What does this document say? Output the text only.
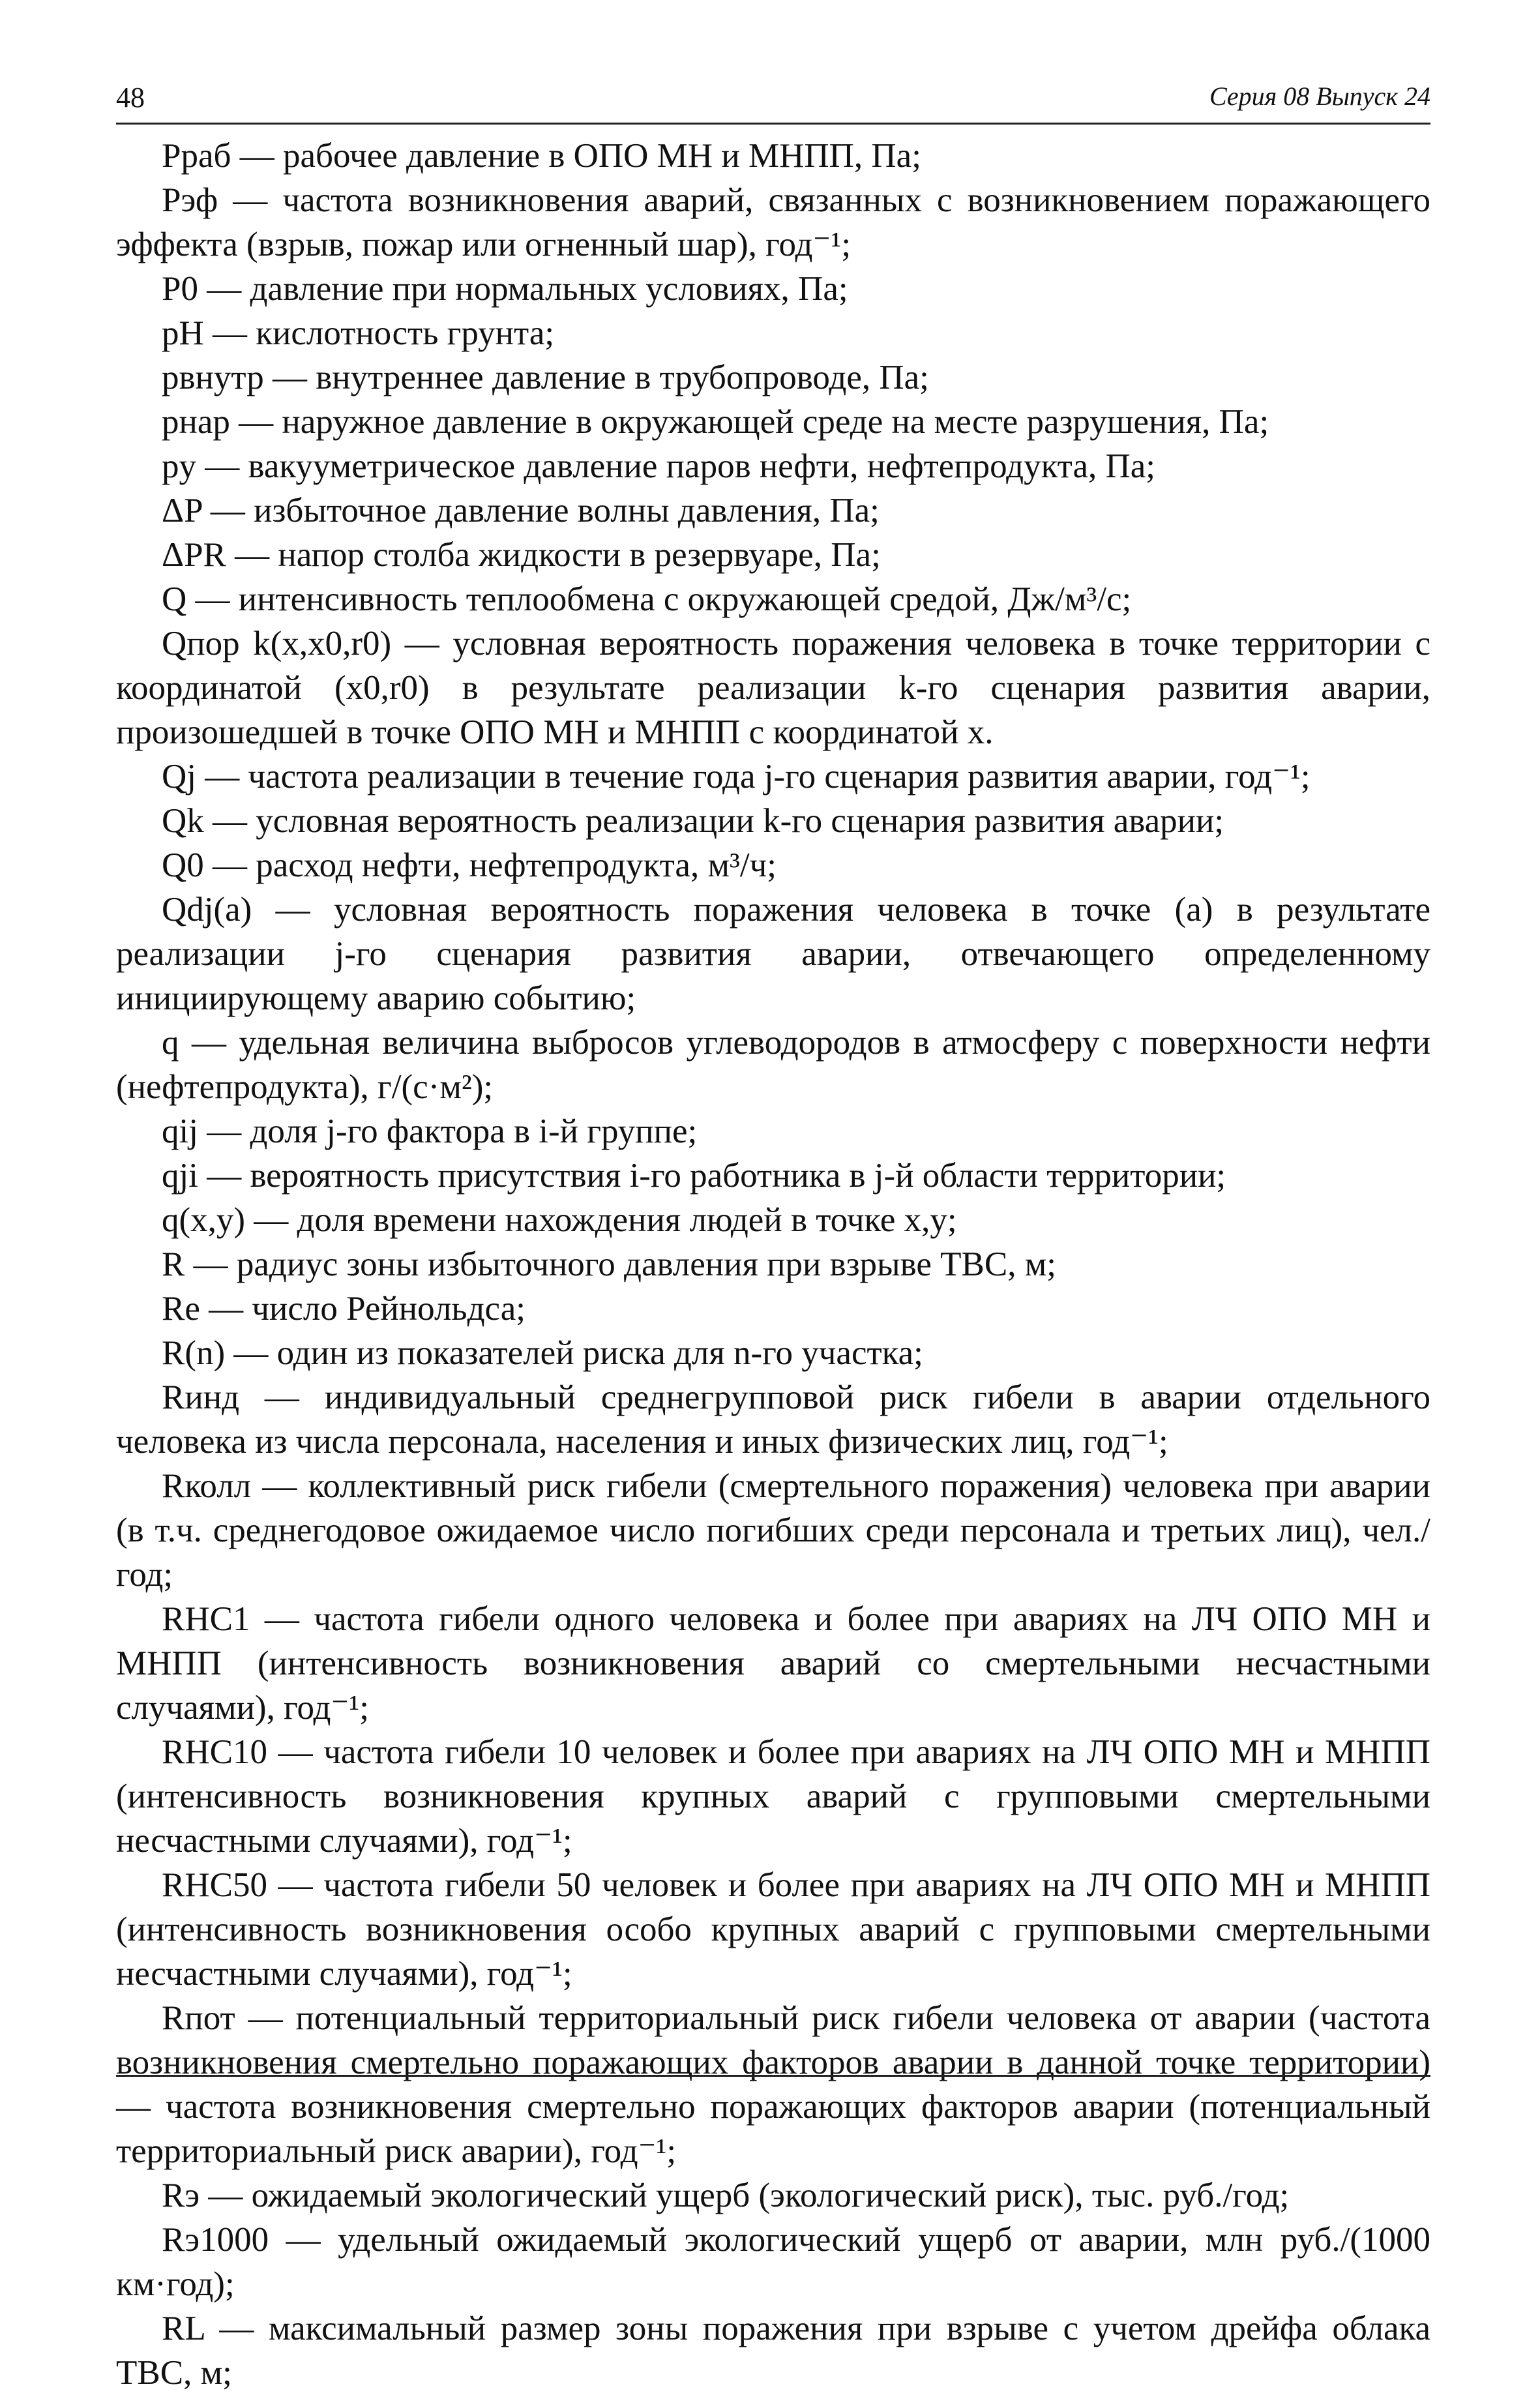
48	Серия 08 Выпуск 24

Pраб — рабочее давление в ОПО МН и МНПП, Па;

Pэф — частота возникновения аварий, связанных с возникновением поражающего эффекта (взрыв, пожар или огненный шар), год⁻¹;

P0 — давление при нормальных условиях, Па;

pH — кислотность грунта;

pвнутр — внутреннее давление в трубопроводе, Па;

pнар — наружное давление в окружающей среде на месте разрушения, Па;

pу — вакууметрическое давление паров нефти, нефтепродукта, Па;

ΔP — избыточное давление волны давления, Па;

ΔPR — напор столба жидкости в резервуаре, Па;

Q — интенсивность теплообмена с окружающей средой, Дж/м³/с;

Qпор k(x,x0,r0) — условная вероятность поражения человека в точке территории с координатой (x0,r0) в результате реализации k-го сценария развития аварии, произошедшей в точке ОПО МН и МНПП с координатой x.

Qj — частота реализации в течение года j-го сценария развития аварии, год⁻¹;

Qk — условная вероятность реализации k-го сценария развития аварии;

Q0 — расход нефти, нефтепродукта, м³/ч;

Qdj(a) — условная вероятность поражения человека в точке (a) в результате реализации j-го сценария развития аварии, отвечающего определенному инициирующему аварию событию;

q — удельная величина выбросов углеводородов в атмосферу с поверхности нефти (нефтепродукта), г/(с·м²);

qij — доля j-го фактора в i-й группе;

qji — вероятность присутствия i-го работника в j-й области территории;

q(x,y) — доля времени нахождения людей в точке x,y;

R — радиус зоны избыточного давления при взрыве ТВС, м;

Re — число Рейнольдса;

R(n) — один из показателей риска для n-го участка;

Rинд — индивидуальный среднегрупповой риск гибели в аварии отдельного человека из числа персонала, населения и иных физических лиц, год⁻¹;

Rколл — коллективный риск гибели (смертельного поражения) человека при аварии (в т.ч. среднегодовое ожидаемое число погибших среди персонала и третьих лиц), чел./год;

RНС1 — частота гибели одного человека и более при авариях на ЛЧ ОПО МН и МНПП (интенсивность возникновения аварий со смертельными несчастными случаями), год⁻¹;

RНС10 — частота гибели 10 человек и более при авариях на ЛЧ ОПО МН и МНПП (интенсивность возникновения крупных аварий с групповыми смертельными несчастными случаями), год⁻¹;

RНС50 — частота гибели 50 человек и более при авариях на ЛЧ ОПО МН и МНПП (интенсивность возникновения особо крупных аварий с групповыми смертельными несчастными случаями), год⁻¹;

Rпот — потенциальный территориальный риск гибели человека от аварии (частота возникновения смертельно поражающих факторов аварии в данной точке территории) — частота возникновения смертельно поражающих факторов аварии (потенциальный территориальный риск аварии), год⁻¹;

Rэ — ожидаемый экологический ущерб (экологический риск), тыс. руб./год;

Rэ1000 — удельный ожидаемый экологический ущерб от аварии, млн руб./(1000 км·год);

RL — максимальный размер зоны поражения при взрыве с учетом дрейфа облака ТВС, м;
